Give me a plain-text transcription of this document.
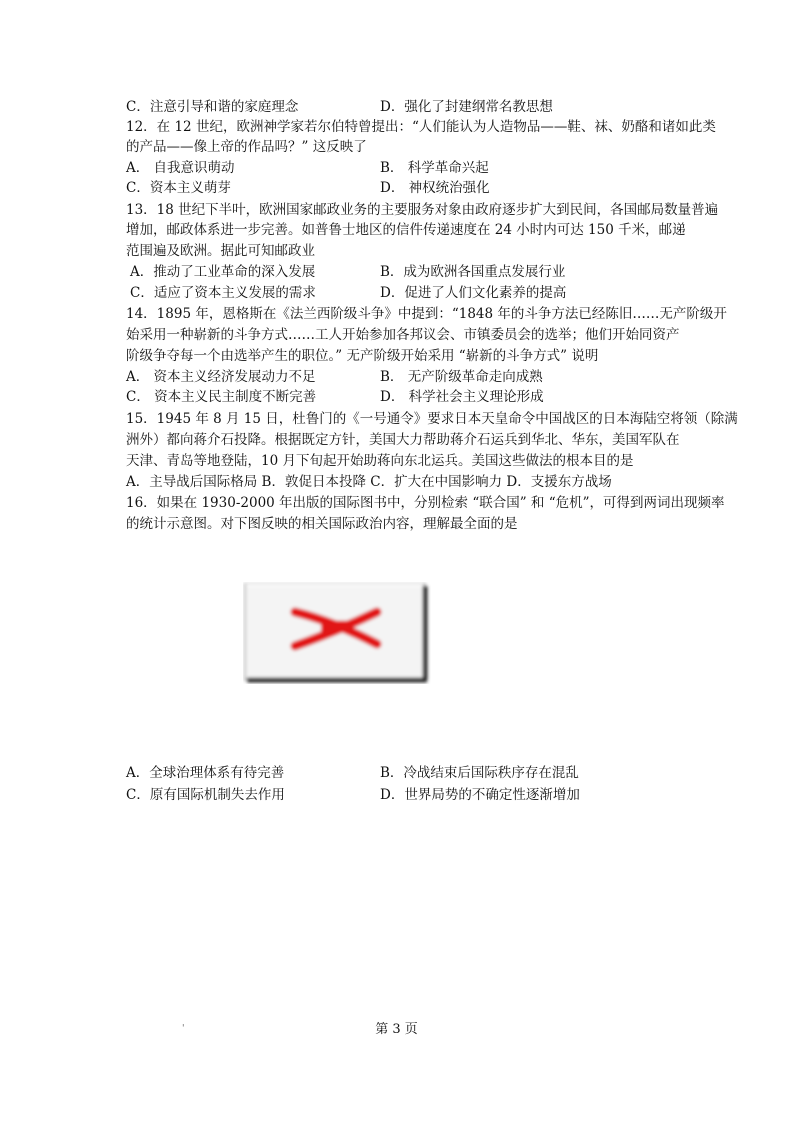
C．注意引导和谐的家庭理念	D．强化了封建纲常名教思想
12．在 12 世纪，欧洲神学家若尔伯特曾提出：“人们能认为人造物品——鞋、袜、奶酪和诸如此类
的产品——像上帝的作品吗？” 这反映了
A． 自我意识萌动	B． 科学革命兴起
C．资本主义萌芽	D． 神权统治强化
13．18 世纪下半叶，欧洲国家邮政业务的主要服务对象由政府逐步扩大到民间，各国邮局数量普遍
增加，邮政体系进一步完善。如普鲁士地区的信件传递速度在 24 小时内可达 150 千米，邮递
范围遍及欧洲。据此可知邮政业
A．推动了工业革命的深入发展	B．成为欧洲各国重点发展行业
C．适应了资本主义发展的需求	D．促进了人们文化素养的提高
14．1895 年，恩格斯在《法兰西阶级斗争》中提到：“1848 年的斗争方法已经陈旧……无产阶级开
始采用一种崭新的斗争方式……工人开始参加各邦议会、市镇委员会的选举；他们开始同资产
阶级争夺每一个由选举产生的职位。” 无产阶级开始采用 “崭新的斗争方式” 说明
A． 资本主义经济发展动力不足	B． 无产阶级革命走向成熟
C． 资本主义民主制度不断完善	D． 科学社会主义理论形成
15．1945 年 8 月 15 日，杜鲁门的《一号通令》要求日本天皇命令中国战区的日本海陆空将领（除满
洲外）都向蒋介石投降。根据既定方针，美国大力帮助蒋介石运兵到华北、华东，美国军队在
天津、青岛等地登陆，10 月下旬起开始助蒋向东北运兵。美国这些做法的根本目的是
A．主导战后国际格局 B．敦促日本投降 C．扩大在中国影响力 D．支援东方战场
16．如果在 1930-2000 年出版的国际图书中，分别检索 “联合国” 和 “危机”，可得到两词出现频率
的统计示意图。对下图反映的相关国际政治内容，理解最全面的是
A．全球治理体系有待完善	B．冷战结束后国际秩序存在混乱
C．原有国际机制失去作用	D．世界局势的不确定性逐渐增加
'	第 3 页
